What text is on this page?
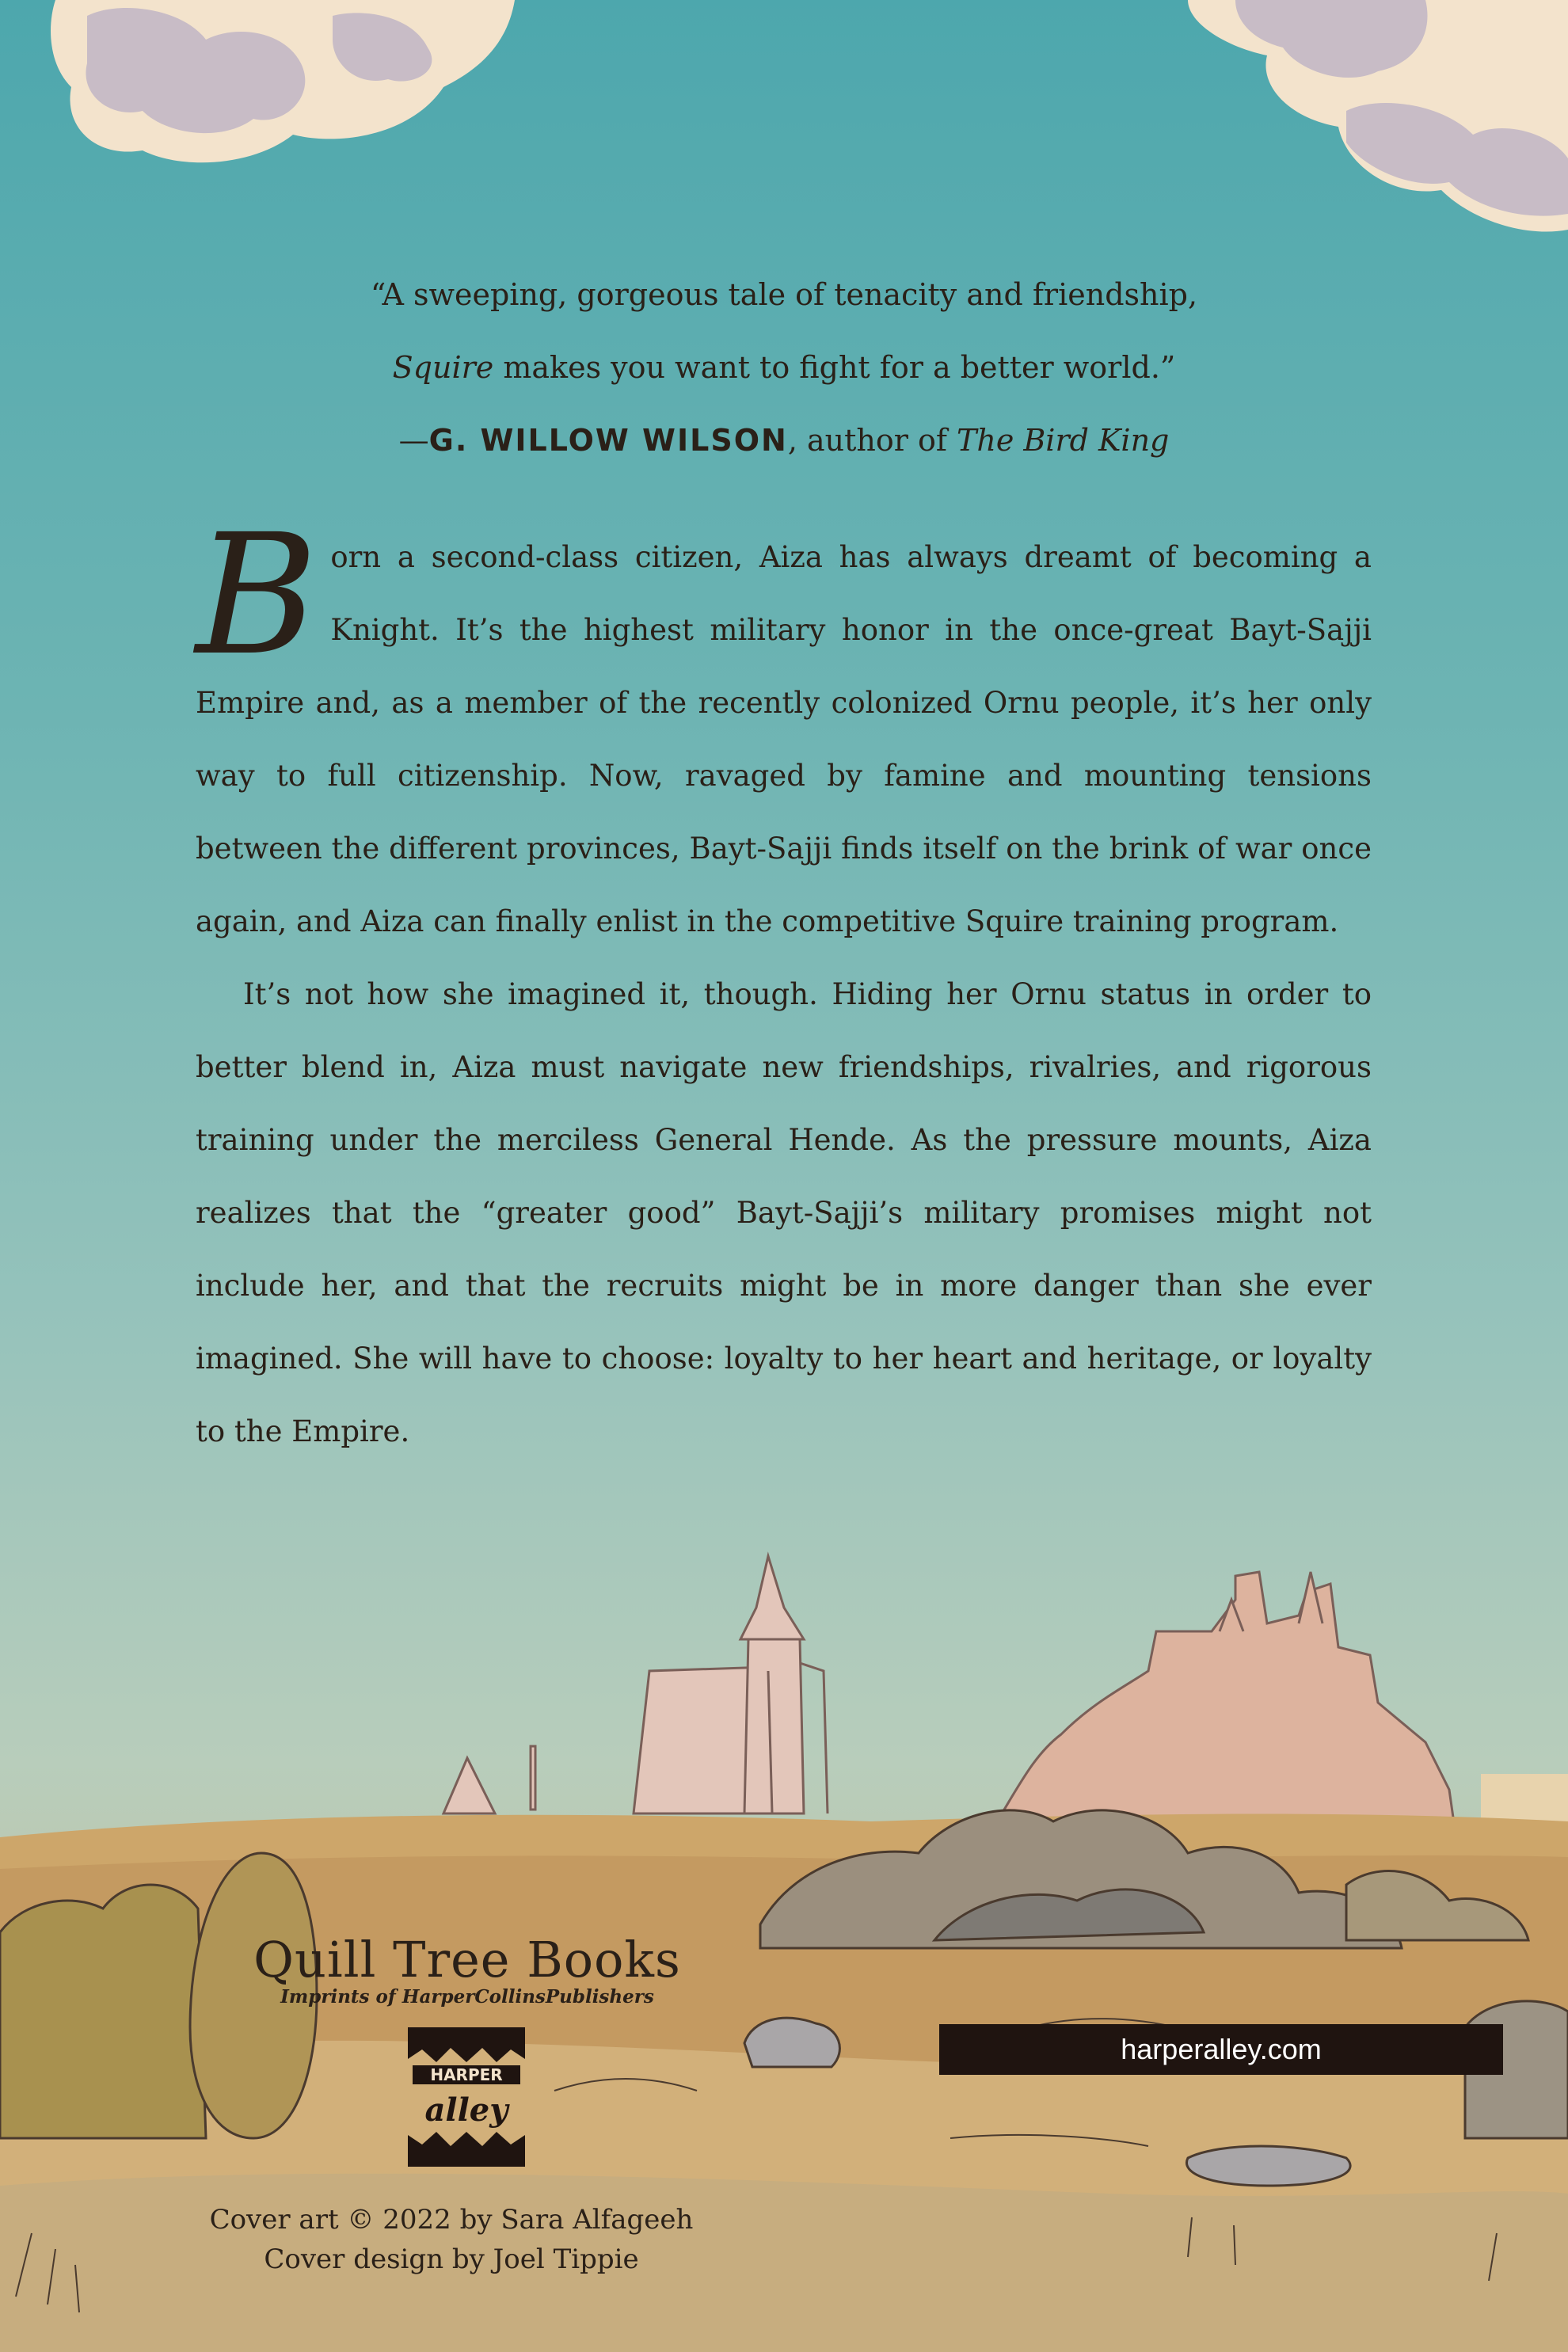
“A sweeping, gorgeous tale of tenacity and friendship,
Squire makes you want to fight for a better world.”
—G. WILLOW WILSON, author of The Bird King

Born a second-class citizen, Aiza has always dreamt of becoming a Knight. It’s the highest military honor in the once-great Bayt-Sajji Empire and, as a member of the recently colonized Ornu people, it’s her only way to full citizenship. Now, ravaged by famine and mounting tensions between the different provinces, Bayt-Sajji finds itself on the brink of war once again, and Aiza can finally enlist in the competitive Squire training program.

It’s not how she imagined it, though. Hiding her Ornu status in order to better blend in, Aiza must navigate new friendships, rivalries, and rigorous training under the merciless General Hende. As the pressure mounts, Aiza realizes that the “greater good” Bayt-Sajji’s military promises might not include her, and that the recruits might be in more danger than she ever imagined. She will have to choose: loyalty to her heart and heritage, or loyalty to the Empire.

Quill Tree Books
Imprints of HarperCollinsPublishers
HARPER
alley
Cover art © 2022 by Sara Alfageeh
Cover design by Joel Tippie
harperalley.com
